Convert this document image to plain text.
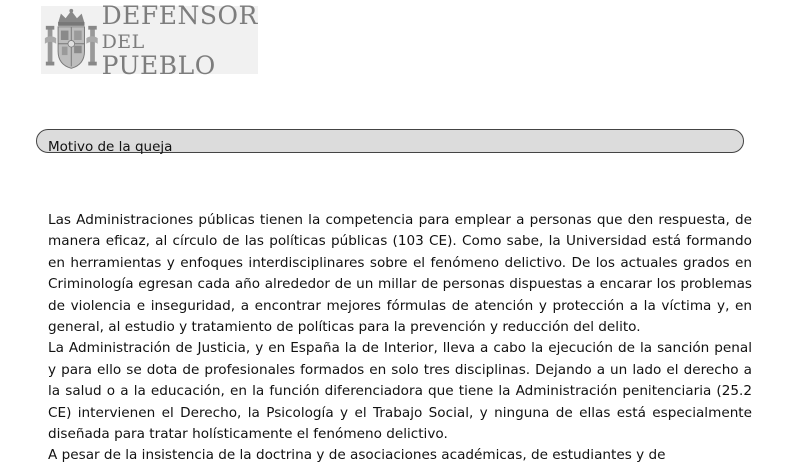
DEFENSOR
DEL PUEBLO
Motivo de la queja

Las Administraciones públicas tienen la competencia para emplear a personas que den respuesta, de manera eficaz, al círculo de las políticas públicas (103 CE). Como sabe, la Universidad está formando en herramientas y enfoques interdisciplinares sobre el fenómeno delictivo. De los actuales grados en Criminología egresan cada año alrededor de un millar de personas dispuestas a encarar los problemas de violencia e inseguridad, a encontrar mejores fórmulas de atención y protección a la víctima y, en general, al estudio y tratamiento de políticas para la prevención y reducción del delito.

La Administración de Justicia, y en España la de Interior, lleva a cabo la ejecución de la sanción penal y para ello se dota de profesionales formados en solo tres disciplinas. Dejando a un lado el derecho a la salud o a la educación, en la función diferenciadora que tiene la Administración penitenciaria (25.2 CE) intervienen el Derecho, la Psicología y el Trabajo Social, y ninguna de ellas está especialmente diseñada para tratar holísticamente el fenómeno delictivo.

A pesar de la insistencia de la doctrina y de asociaciones académicas, de estudiantes y de
